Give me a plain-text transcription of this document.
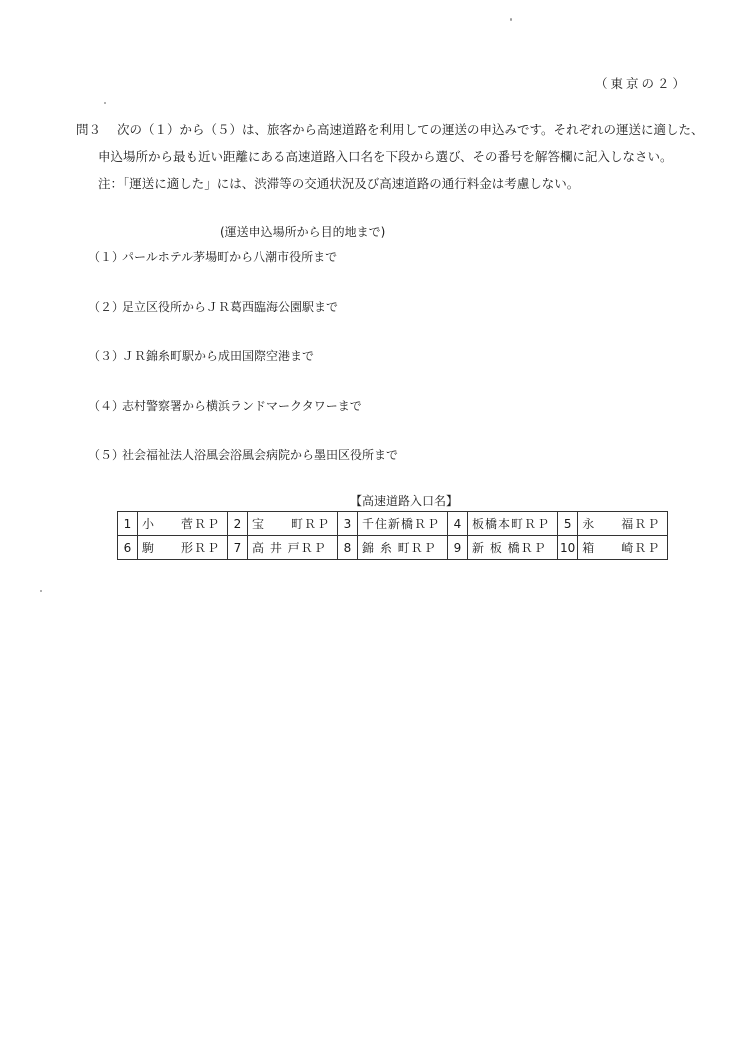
（東京の２）
問３ 次の（１）から（５）は、旅客から高速道路を利用しての運送の申込みです。それぞれの運送に適した、
申込場所から最も近い距離にある高速道路入口名を下段から選び、その番号を解答欄に記入しなさい。
注：「運送に適した」には、渋滞等の交通状況及び高速道路の通行料金は考慮しない。
(運送申込場所から目的地まで)
（１）パールホテル茅場町から八潮市役所まで
（２）足立区役所からＪＲ葛西臨海公園駅まで
（３）ＪＲ錦糸町駅から成田国際空港まで
（４）志村警察署から横浜ランドマークタワーまで
（５）社会福祉法人浴風会浴風会病院から墨田区役所まで
【高速道路入口名】
1	小　　菅ＲＰ	2	宝　　町ＲＰ	3	千住新橋ＲＰ	4	板橋本町ＲＰ	5	永　　福ＲＰ
6	駒　　形ＲＰ	7	高 井 戸ＲＰ	8	錦 糸 町ＲＰ	9	新 板 橋ＲＰ	10	箱　　崎ＲＰ
